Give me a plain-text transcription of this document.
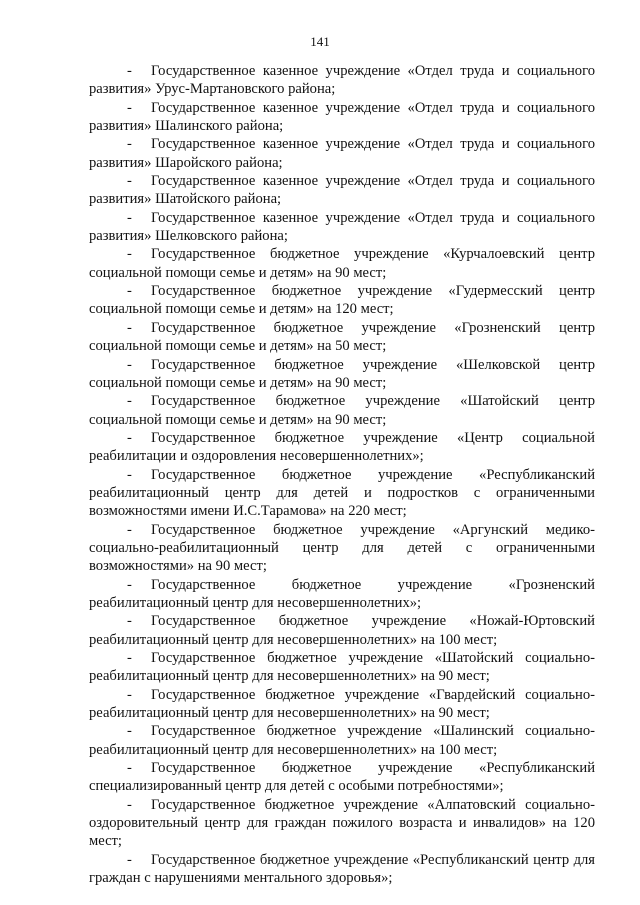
141

- Государственное казенное учреждение «Отдел труда и социального развития» Урус-Мартановского района;

- Государственное казенное учреждение «Отдел труда и социального развития» Шалинского района;

- Государственное казенное учреждение «Отдел труда и социального развития» Шаройского района;

- Государственное казенное учреждение «Отдел труда и социального развития» Шатойского района;

- Государственное казенное учреждение «Отдел труда и социального развития» Шелковского района;

- Государственное бюджетное учреждение «Курчалоевский центр социальной помощи семье и детям» на 90 мест;

- Государственное бюджетное учреждение «Гудермесский центр социальной помощи семье и детям» на 120 мест;

- Государственное бюджетное учреждение «Грозненский центр социальной помощи семье и детям» на 50 мест;

- Государственное бюджетное учреждение «Шелковской центр социальной помощи семье и детям» на 90 мест;

- Государственное бюджетное учреждение «Шатойский центр социальной помощи семье и детям» на 90 мест;

- Государственное бюджетное учреждение «Центр социальной реабилитации и оздоровления несовершеннолетних»;

- Государственное бюджетное учреждение «Республиканский реабилитационный центр для детей и подростков с ограниченными возможностями имени И.С.Тарамова» на 220 мест;

- Государственное бюджетное учреждение «Аргунский медико-социально-реабилитационный центр для детей с ограниченными возможностями» на 90 мест;

- Государственное бюджетное учреждение «Грозненский реабилитационный центр для несовершеннолетних»;

- Государственное бюджетное учреждение «Ножай-Юртовский реабилитационный центр для несовершеннолетних» на 100 мест;

- Государственное бюджетное учреждение «Шатойский социально-реабилитационный центр для несовершеннолетних» на 90 мест;

- Государственное бюджетное учреждение «Гвардейский социально-реабилитационный центр для несовершеннолетних» на 90 мест;

- Государственное бюджетное учреждение «Шалинский социально-реабилитационный центр для несовершеннолетних» на 100 мест;

- Государственное бюджетное учреждение «Республиканский специализированный центр для детей с особыми потребностями»;

- Государственное бюджетное учреждение «Алпатовский социально-оздоровительный центр для граждан пожилого возраста и инвалидов» на 120 мест;

- Государственное бюджетное учреждение «Республиканский центр для граждан с нарушениями ментального здоровья»;
